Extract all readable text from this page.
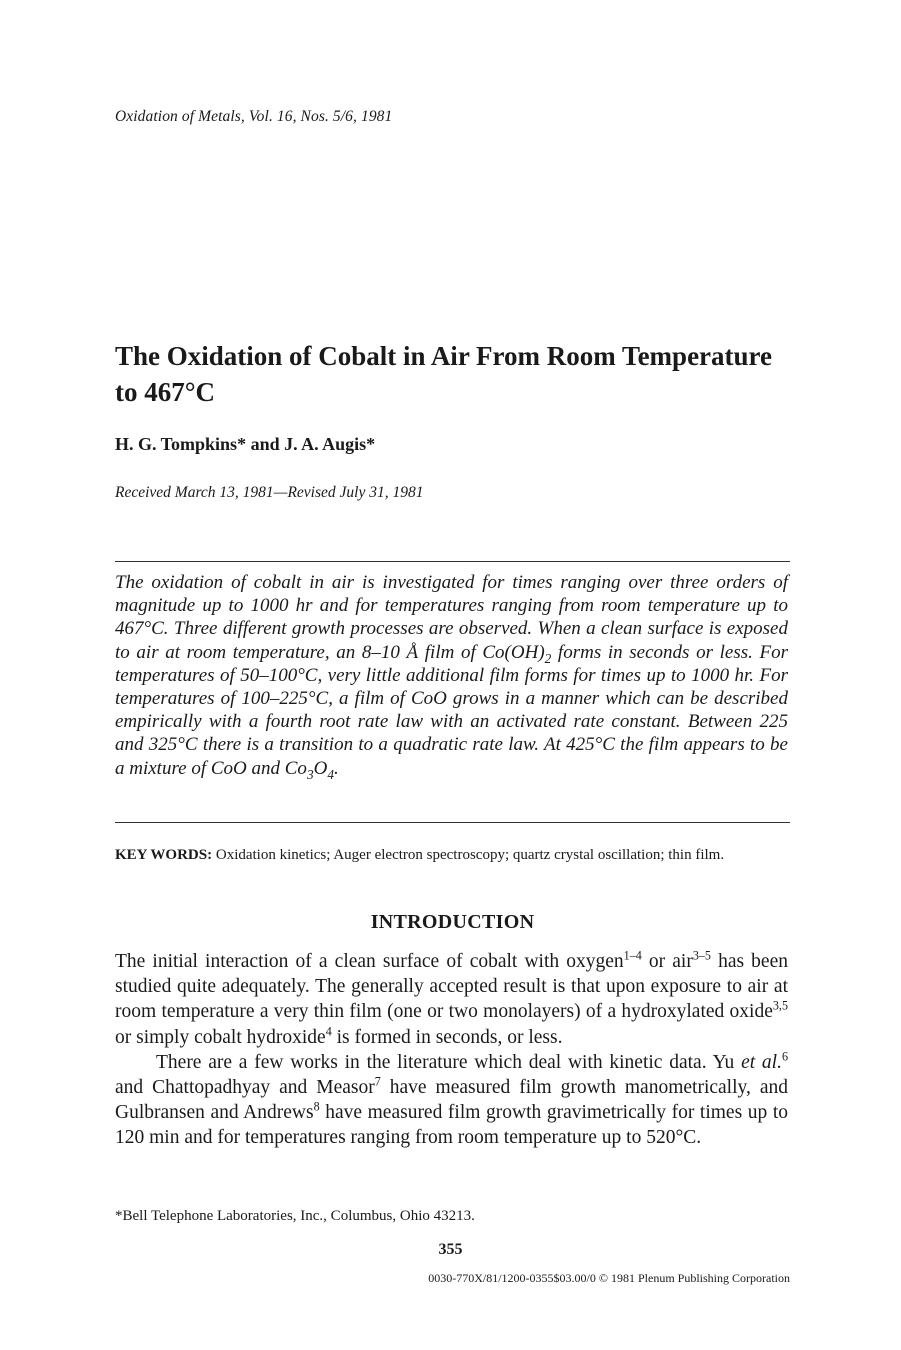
Oxidation of Metals, Vol. 16, Nos. 5/6, 1981
The Oxidation of Cobalt in Air From Room Temperature to 467°C
H. G. Tompkins* and J. A. Augis*
Received March 13, 1981—Revised July 31, 1981

The oxidation of cobalt in air is investigated for times ranging over three orders of magnitude up to 1000 hr and for temperatures ranging from room temperature up to 467°C. Three different growth processes are observed. When a clean surface is exposed to air at room temperature, an 8–10 Å film of $Co(OH)_2$ forms in seconds or less. For temperatures of 50–100°C, very little additional film forms for times up to 1000 hr. For temperatures of 100–225°C, a film of CoO grows in a manner which can be described empirically with a fourth root rate law with an activated rate constant. Between 225 and 325°C there is a transition to a quadratic rate law. At 425°C the film appears to be a mixture of CoO and $Co_3O_4$.

KEY WORDS: Oxidation kinetics; Auger electron spectroscopy; quartz crystal oscillation; thin film.

INTRODUCTION

The initial interaction of a clean surface of cobalt with oxygen$^{1-4}$ or air$^{3-5}$ has been studied quite adequately. The generally accepted result is that upon exposure to air at room temperature a very thin film (one or two monolayers) of a hydroxylated oxide$^{3,5}$ or simply cobalt hydroxide$^4$ is formed in seconds, or less.

There are a few works in the literature which deal with kinetic data. Yu et al.$^6$ and Chattopadhyay and Measor$^7$ have measured film growth manometrically, and Gulbransen and Andrews$^8$ have measured film growth gravimetrically for times up to 120 min and for temperatures ranging from room temperature up to 520°C.

*Bell Telephone Laboratories, Inc., Columbus, Ohio 43213.
355
0030-770X/81/1200-0355$03.00/0 © 1981 Plenum Publishing Corporation
